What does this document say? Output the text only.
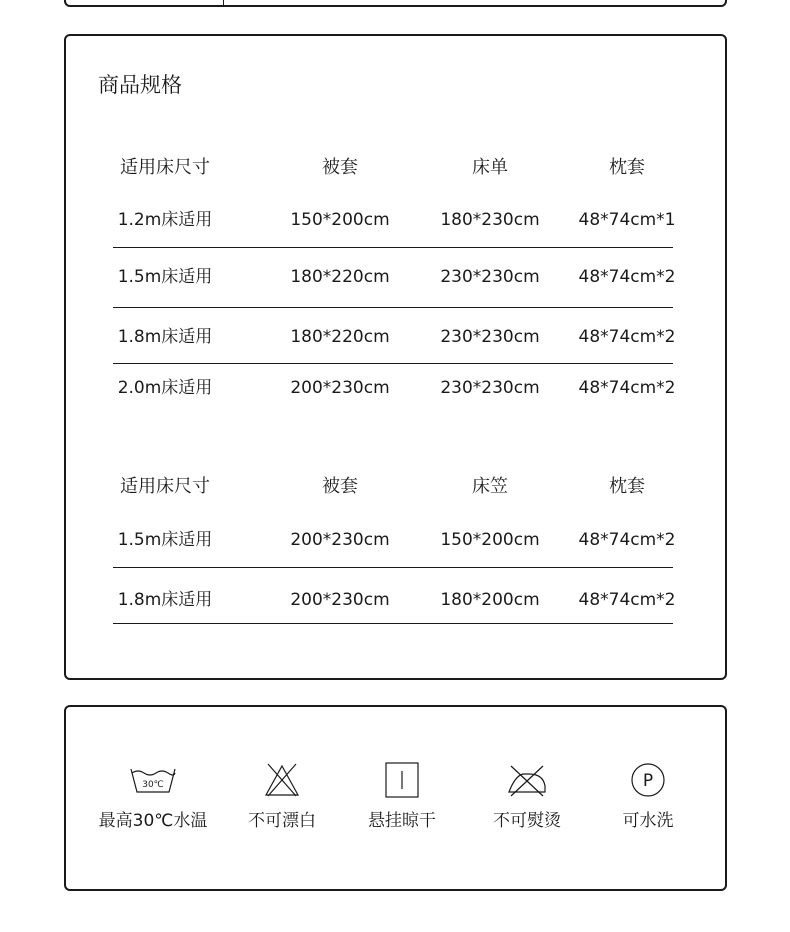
商品规格
适用床尺寸	被套	床单	枕套
1.2m床适用	150*200cm	180*230cm 48*74cm*1
1.5m床适用	180*220cm	230*230cm 48*74cm*2
1.8m床适用	180*220cm	230*230cm 48*74cm*2
2.0m床适用	200*230cm	230*230cm 48*74cm*2
适用床尺寸	被套	床笠	枕套
1.5m床适用	200*230cm	150*200cm 48*74cm*2
1.8m床适用	200*230cm	180*200cm 48*74cm*2
30℃
最高30℃水温	不可漂白	悬挂晾干	不可熨烫
P
可水洗
